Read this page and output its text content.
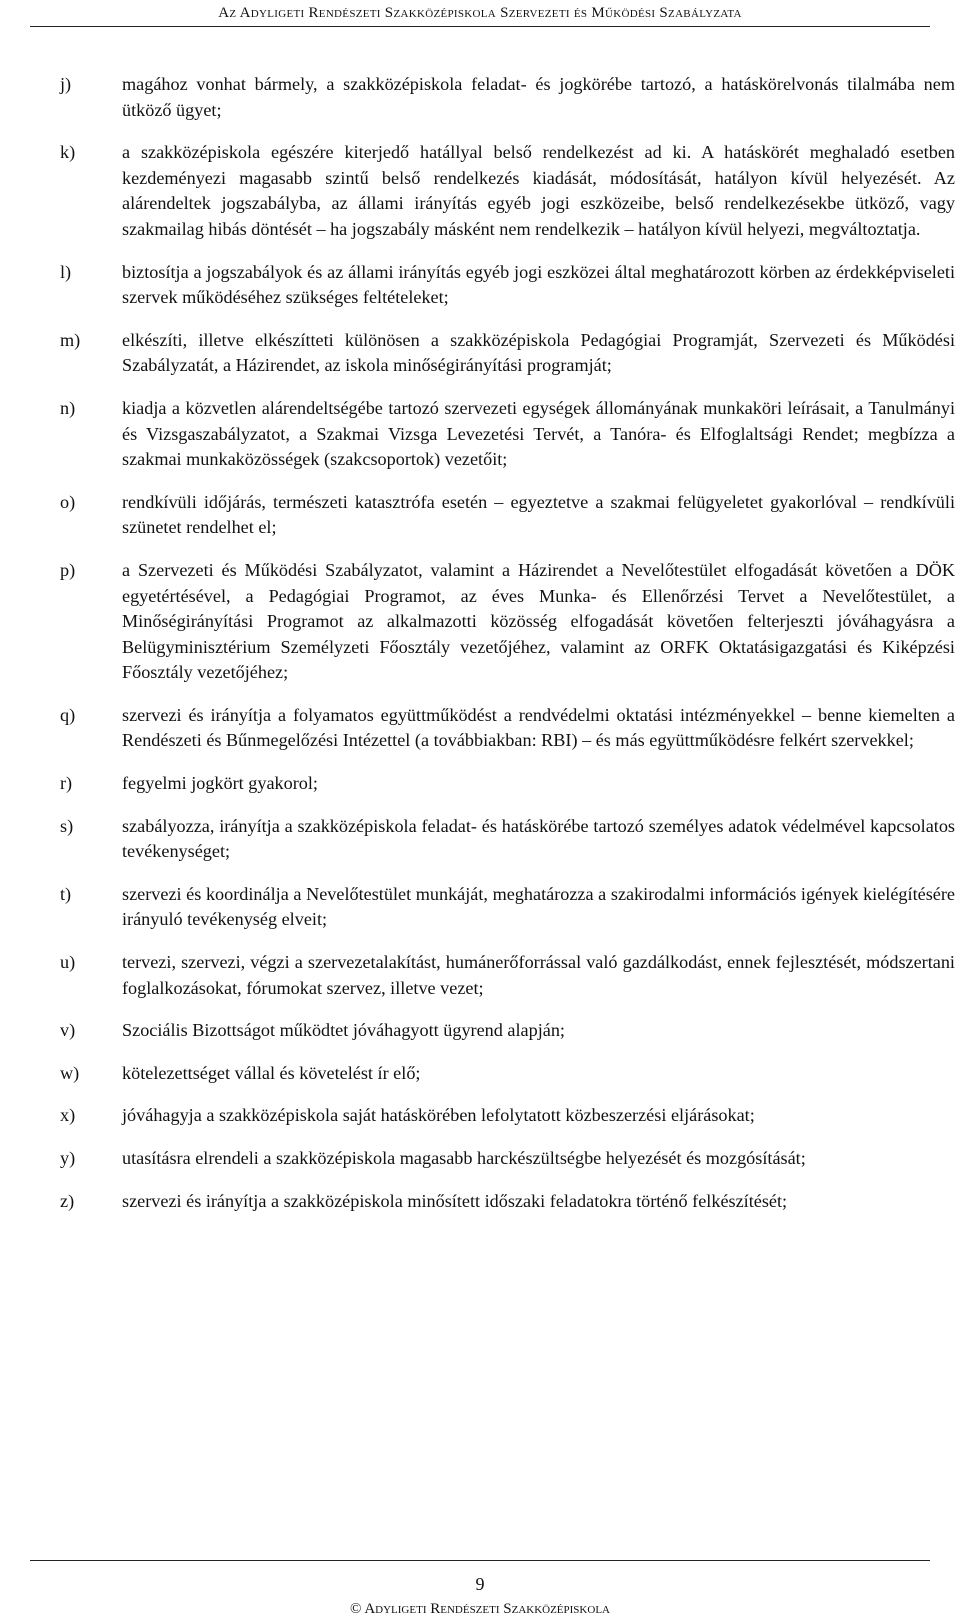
Az Adyligeti Rendészeti Szakközépiskola Szervezeti és Működési Szabályzata
j)	magához vonhat bármely, a szakközépiskola feladat- és jogkörébe tartozó, a hatáskörelvonás tilalmába nem ütköző ügyet;
k)	a szakközépiskola egészére kiterjedő hatállyal belső rendelkezést ad ki. A hatáskörét meghaladó esetben kezdeményezi magasabb szintű belső rendelkezés kiadását, módosítását, hatályon kívül helyezését. Az alárendeltek jogszabályba, az állami irányítás egyéb jogi eszközeibe, belső rendelkezésekbe ütköző, vagy szakmailag hibás döntését – ha jogszabály másként nem rendelkezik – hatályon kívül helyezi, megváltoztatja.
l)	biztosítja a jogszabályok és az állami irányítás egyéb jogi eszközei által meghatározott körben az érdekképviseleti szervek működéséhez szükséges feltételeket;
m)	elkészíti, illetve elkészítteti különösen a szakközépiskola Pedagógiai Programját, Szervezeti és Működési Szabályzatát, a Házirendet, az iskola minőségirányítási programját;
n)	kiadja a közvetlen alárendeltségébe tartozó szervezeti egységek állományának munkaköri leírásait, a Tanulmányi és Vizsgaszabályzatot, a Szakmai Vizsga Levezetési Tervét, a Tanóra- és Elfoglaltsági Rendet; megbízza a szakmai munkaközösségek (szakcsoportok) vezetőit;
o)	rendkívüli időjárás, természeti katasztrófa esetén – egyeztetve a szakmai felügyeletet gyakorlóval – rendkívüli szünetet rendelhet el;
p)	a Szervezeti és Működési Szabályzatot, valamint a Házirendet a Nevelőtestület elfogadását követően a DÖK egyetértésével, a Pedagógiai Programot, az éves Munka- és Ellenőrzési Tervet a Nevelőtestület, a Minőségirányítási Programot az alkalmazotti közösség elfogadását követően felterjeszti jóváhagyásra a Belügyminisztérium Személyzeti Főosztály vezetőjéhez, valamint az ORFK Oktatásigazgatási és Kiképzési Főosztály vezetőjéhez;
q)	szervezi és irányítja a folyamatos együttműködést a rendvédelmi oktatási intézményekkel – benne kiemelten a Rendészeti és Bűnmegelőzési Intézettel (a továbbiakban: RBI) – és más együttműködésre felkért szervekkel;
r)	fegyelmi jogkört gyakorol;
s)	szabályozza, irányítja a szakközépiskola feladat- és hatáskörébe tartozó személyes adatok védelmével kapcsolatos tevékenységet;
t)	szervezi és koordinálja a Nevelőtestület munkáját, meghatározza a szakirodalmi információs igények kielégítésére irányuló tevékenység elveit;
u)	tervezi, szervezi, végzi a szervezetalakítást, humánerőforrással való gazdálkodást, ennek fejlesztését, módszertani foglalkozásokat, fórumokat szervez, illetve vezet;
v)	Szociális Bizottságot működtet jóváhagyott ügyrend alapján;
w)	kötelezettséget vállal és követelést ír elő;
x)	jóváhagyja a szakközépiskola saját hatáskörében lefolytatott közbeszerzési eljárásokat;
y)	utasításra elrendeli a szakközépiskola magasabb harckészültségbe helyezését és mozgósítását;
z)	szervezi és irányítja a szakközépiskola minősített időszaki feladatokra történő felkészítését;
9
© Adyligeti Rendészeti Szakközépiskola
